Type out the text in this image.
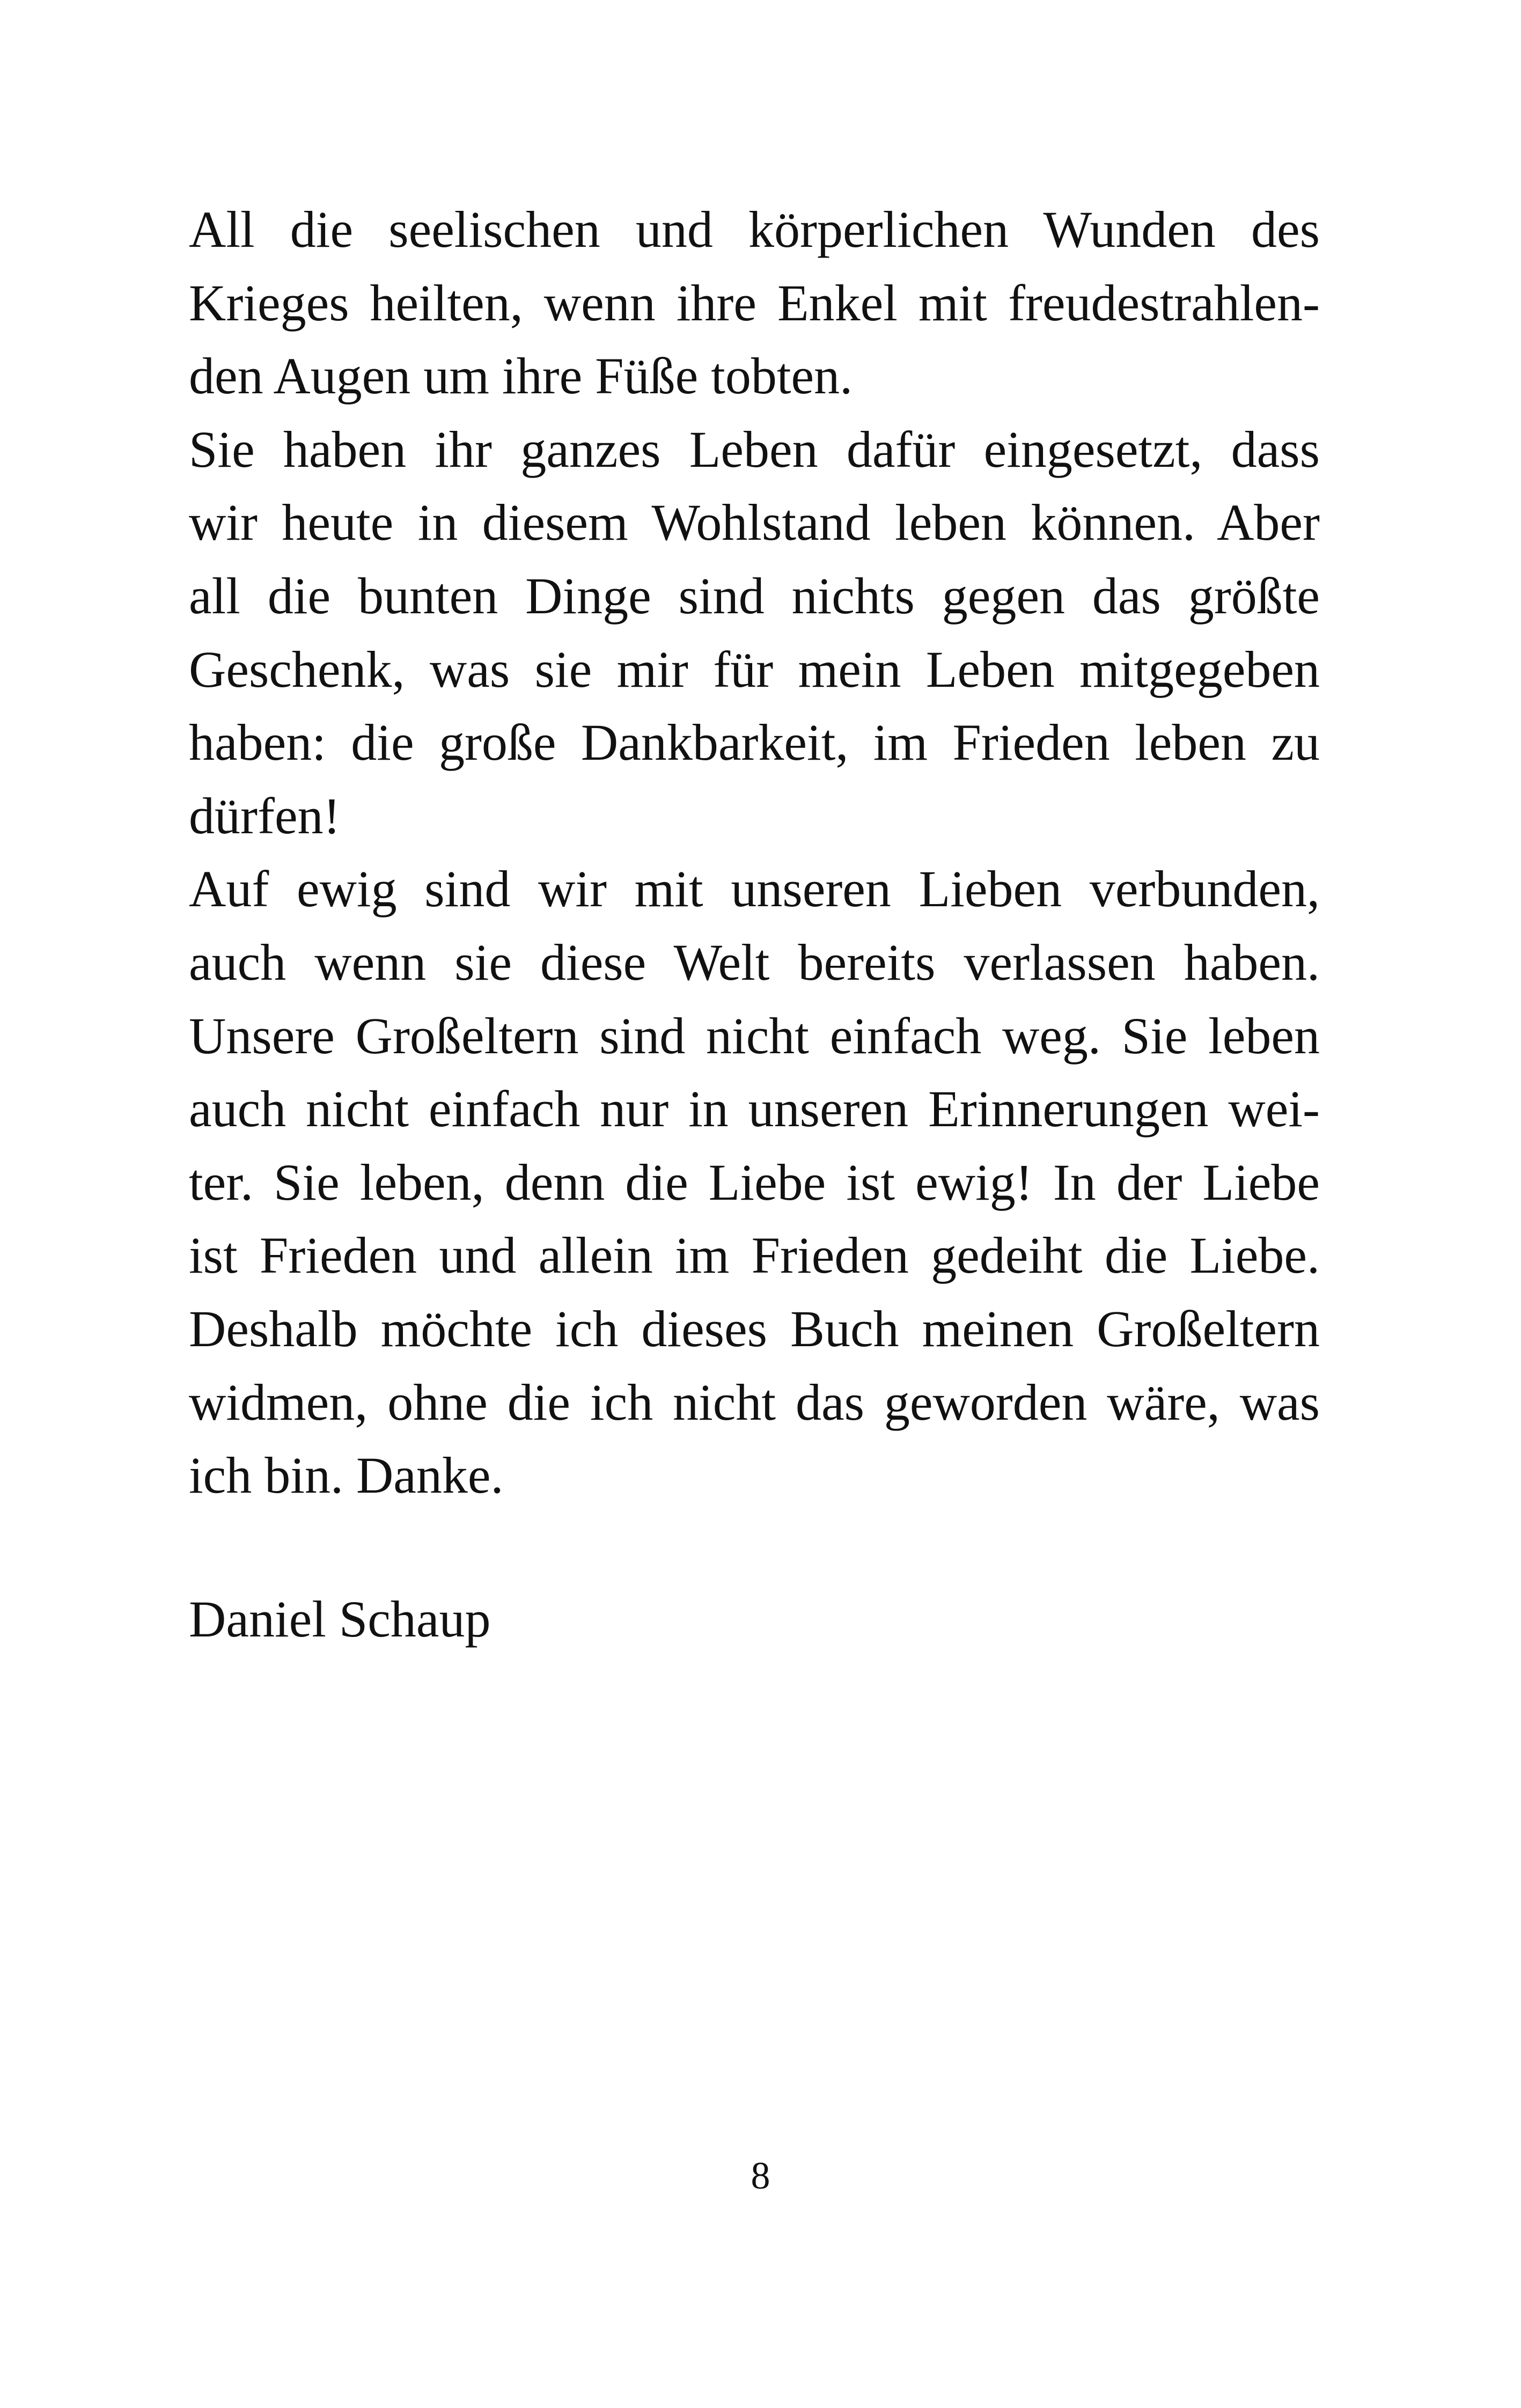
All die seelischen und körperlichen Wunden des
Krieges heilten, wenn ihre Enkel mit freudestrahlen-
den Augen um ihre Füße tobten.
Sie haben ihr ganzes Leben dafür eingesetzt, dass
wir heute in diesem Wohlstand leben können. Aber
all die bunten Dinge sind nichts gegen das größte
Geschenk, was sie mir für mein Leben mitgegeben
haben: die große Dankbarkeit, im Frieden leben zu
dürfen!
Auf ewig sind wir mit unseren Lieben verbunden,
auch wenn sie diese Welt bereits verlassen haben.
Unsere Großeltern sind nicht einfach weg. Sie leben
auch nicht einfach nur in unseren Erinnerungen wei-
ter. Sie leben, denn die Liebe ist ewig! In der Liebe
ist Frieden und allein im Frieden gedeiht die Liebe.
Deshalb möchte ich dieses Buch meinen Großeltern
widmen, ohne die ich nicht das geworden wäre, was
ich bin. Danke.
Daniel Schaup
8
